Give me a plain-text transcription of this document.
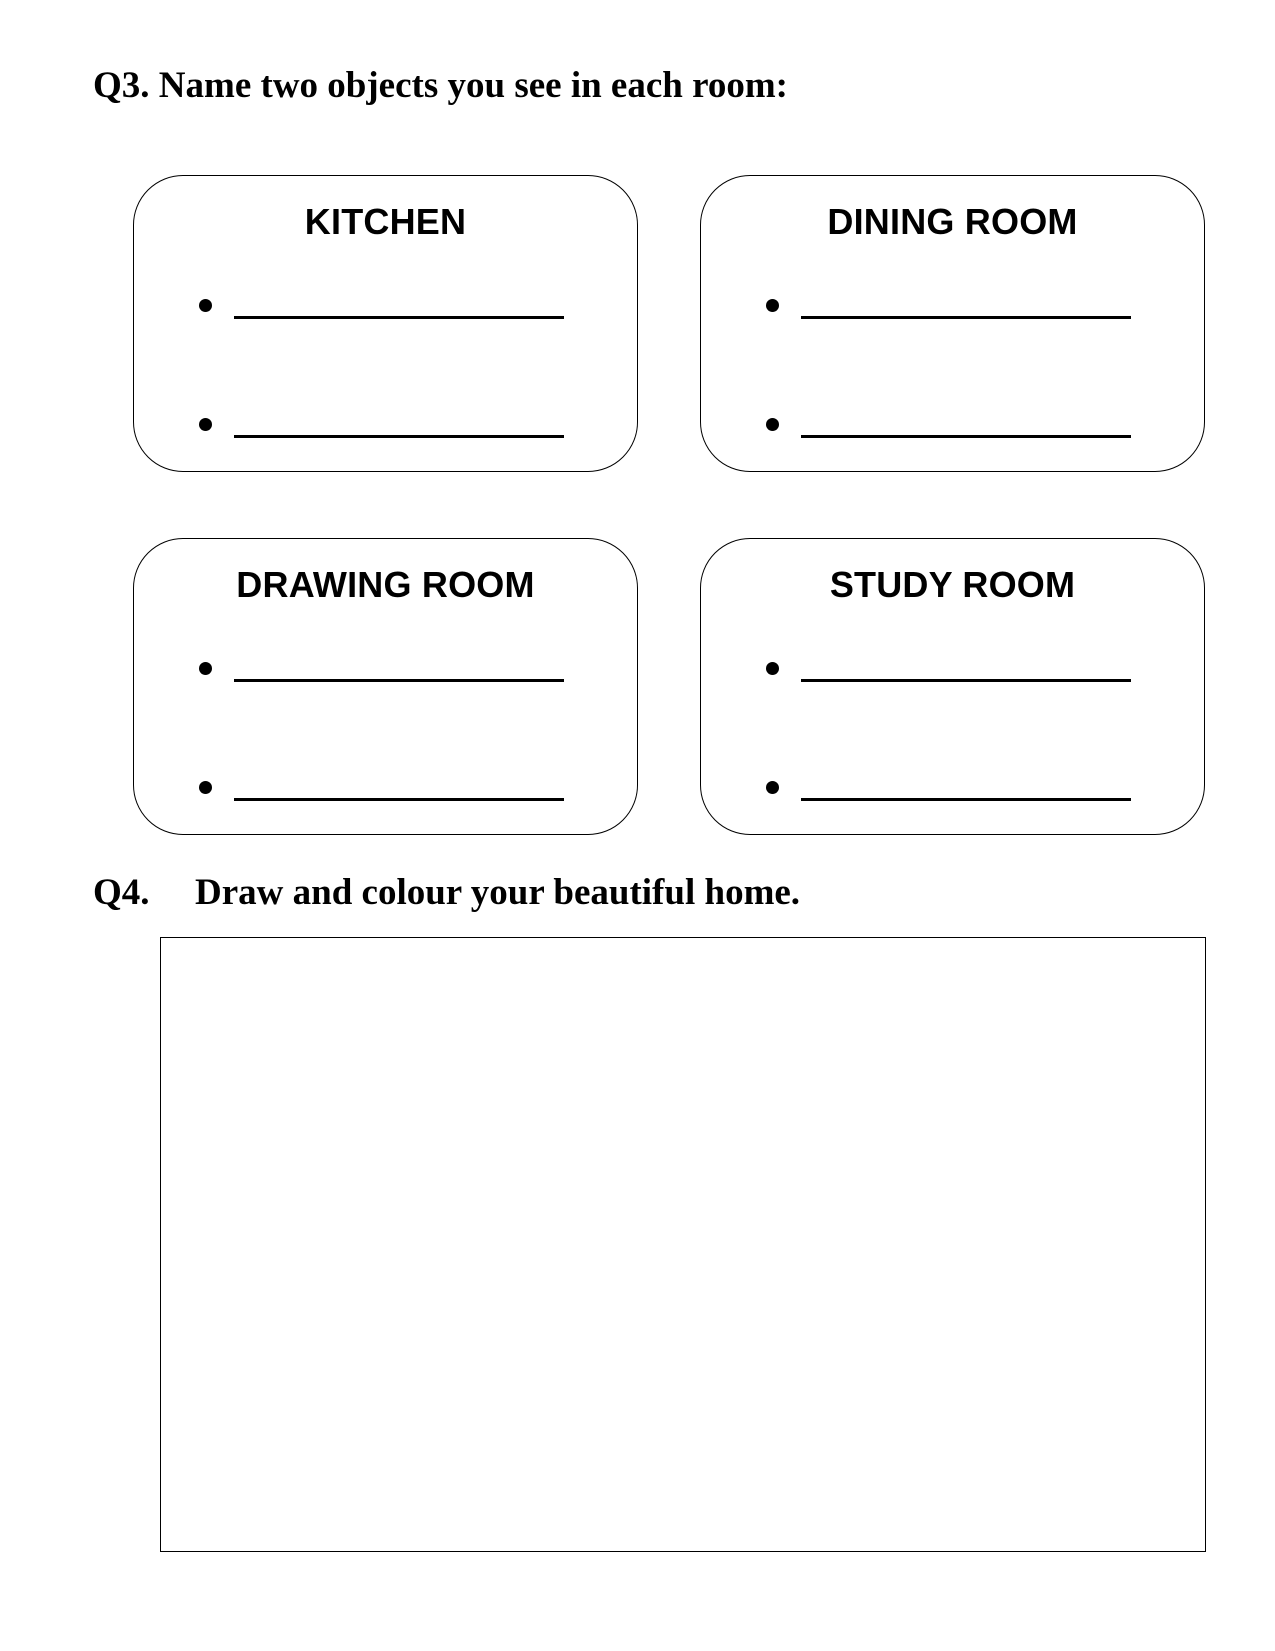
Q3. Name two objects you see in each room:
KITCHEN	DINING ROOM
DRAWING ROOM	STUDY ROOM
Q4. Draw and colour your beautiful home.
